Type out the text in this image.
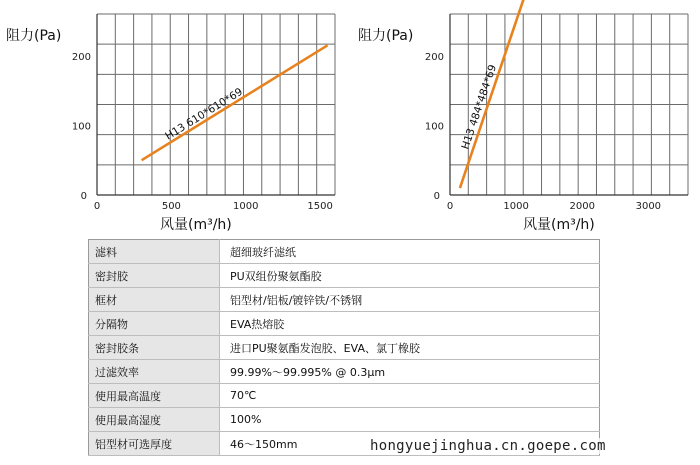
0	500	1000	1500
0
100
200
阻力(Pa)
风量(m³/h)
H13 610*610*69
0	1000	2000	3000
0
100
200
阻力(Pa)
风量(m³/h)
H13 484*484*69
滤料	超细玻纤滤纸
密封胶	PU双组份聚氨酯胶
框材	铝型材/铝板/镀锌铁/不锈钢
分隔物	EVA热熔胶
密封胶条	进口PU聚氨酯发泡胶、EVA、氯丁橡胶
过滤效率	99.99%～99.995% @ 0.3μm
使用最高温度	70℃
使用最高湿度	100%
铝型材可选厚度	46～150mm	hongyuejinghua.cn.goepe.com
